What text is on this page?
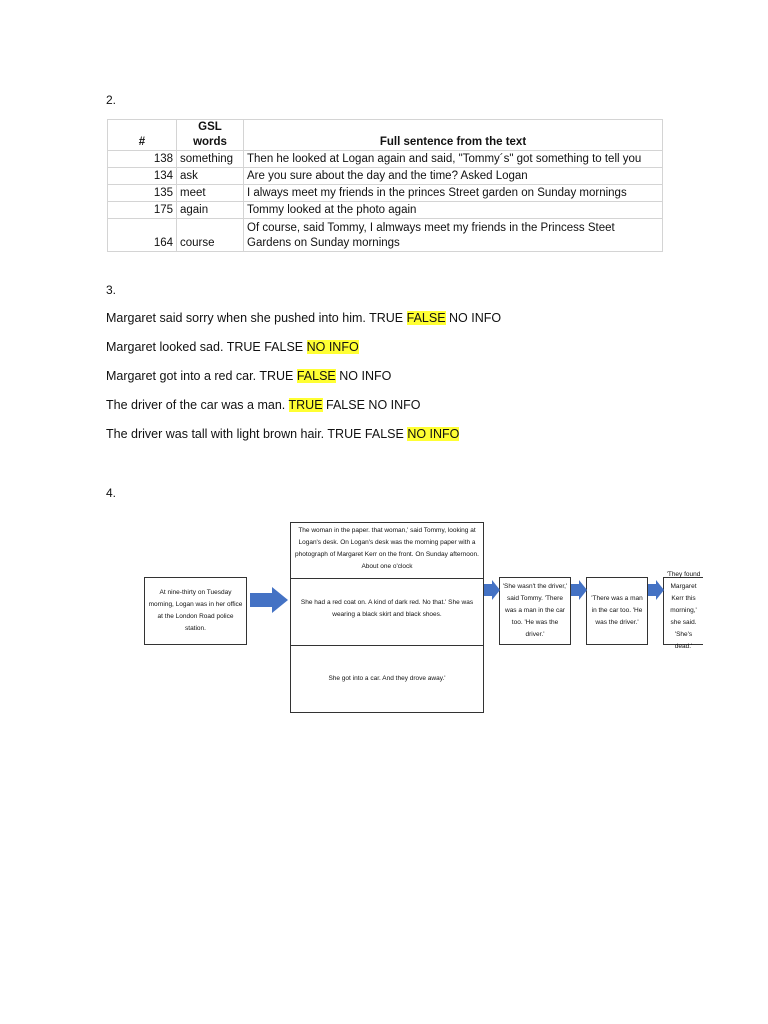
2.
#	GSL words	Full sentence from the text
138	something	Then he looked at Logan again and said, "Tommy´s" got something to tell you
134	ask	Are you sure about the day and the time? Asked Logan
135	meet	I always meet my friends in the princes Street garden on Sunday mornings
175	again	Tommy looked at the photo again
164	course	Of course, said Tommy, I almways meet my friends in the Princess Steet Gardens on Sunday mornings
3.
Margaret said sorry when she pushed into him. TRUE FALSE NO INFO
Margaret looked sad. TRUE FALSE NO INFO
Margaret got into a red car. TRUE FALSE NO INFO
The driver of the car was a man. TRUE FALSE NO INFO
The driver was tall with light brown hair. TRUE FALSE NO INFO
4.
At nine-thirty on Tuesday morning, Logan was in her office at the London Road police station.
The woman in the paper. that woman,' said Tommy, looking at Logan's desk. On Logan's desk was the morning paper with a photograph of Margaret Kerr on the front. On Sunday afternoon. About one o'clock
She had a red coat on. A kind of dark red. No that.' She was wearing a black skirt and black shoes.
She got into a car. And they drove away.'
'She wasn't the driver,' said Tommy. 'There was a man in the car too. 'He was the driver.'
'There was a man in the car too. 'He was the driver.'
'They found Margaret Kerr this morning,' she said. 'She's dead.'
